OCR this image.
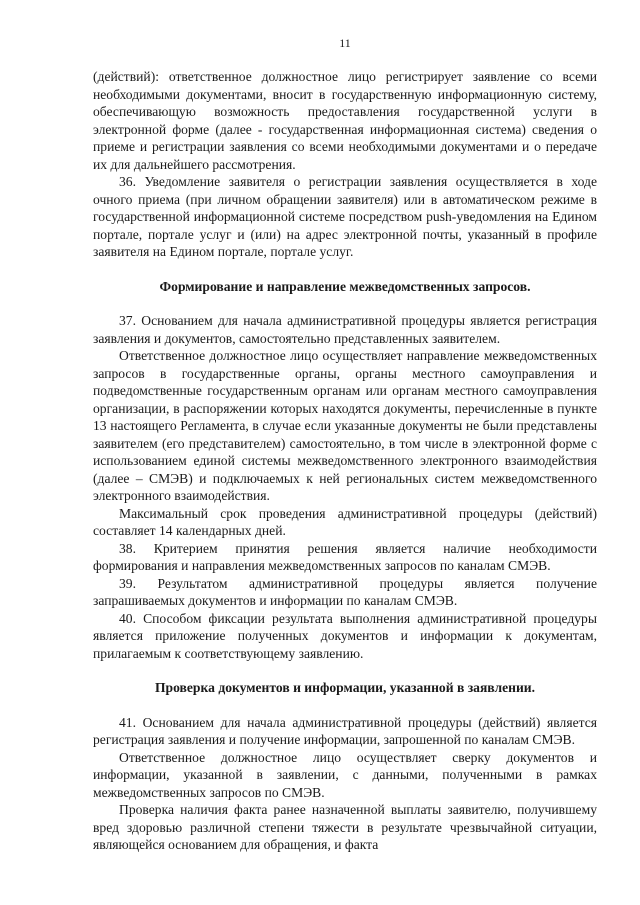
11

(действий): ответственное должностное лицо регистрирует заявление со всеми необходимыми документами, вносит в государственную информационную систему, обеспечивающую возможность предоставления государственной услуги в электронной форме (далее - государственная информационная система) сведения о приеме и регистрации заявления со всеми необходимыми документами и о передаче их для дальнейшего рассмотрения.

36. Уведомление заявителя о регистрации заявления осуществляется в ходе очного приема (при личном обращении заявителя) или в автоматическом режиме в государственной информационной системе посредством push-уведомления на Едином портале, портале услуг и (или) на адрес электронной почты, указанный в профиле заявителя на Едином портале, портале услуг.

Формирование и направление межведомственных запросов.

37. Основанием для начала административной процедуры является регистрация заявления и документов, самостоятельно представленных заявителем.

Ответственное должностное лицо осуществляет направление межведомственных запросов в государственные органы, органы местного самоуправления и подведомственные государственным органам или органам местного самоуправления организации, в распоряжении которых находятся документы, перечисленные в пункте 13 настоящего Регламента, в случае если указанные документы не были представлены заявителем (его представителем) самостоятельно, в том числе в электронной форме с использованием единой системы межведомственного электронного взаимодействия (далее – СМЭВ) и подключаемых к ней региональных систем межведомственного электронного взаимодействия.

Максимальный срок проведения административной процедуры (действий) составляет 14 календарных дней.

38. Критерием принятия решения является наличие необходимости формирования и направления межведомственных запросов по каналам СМЭВ.

39. Результатом административной процедуры является получение запрашиваемых документов и информации по каналам СМЭВ.

40. Способом фиксации результата выполнения административной процедуры является приложение полученных документов и информации к документам, прилагаемым к соответствующему заявлению.

Проверка документов и информации, указанной в заявлении.

41. Основанием для начала административной процедуры (действий) является регистрация заявления и получение информации, запрошенной по каналам СМЭВ.

Ответственное должностное лицо осуществляет сверку документов и информации, указанной в заявлении, с данными, полученными в рамках межведомственных запросов по СМЭВ.

Проверка наличия факта ранее назначенной выплаты заявителю, получившему вред здоровью различной степени тяжести в результате чрезвычайной ситуации, являющейся основанием для обращения, и факта
